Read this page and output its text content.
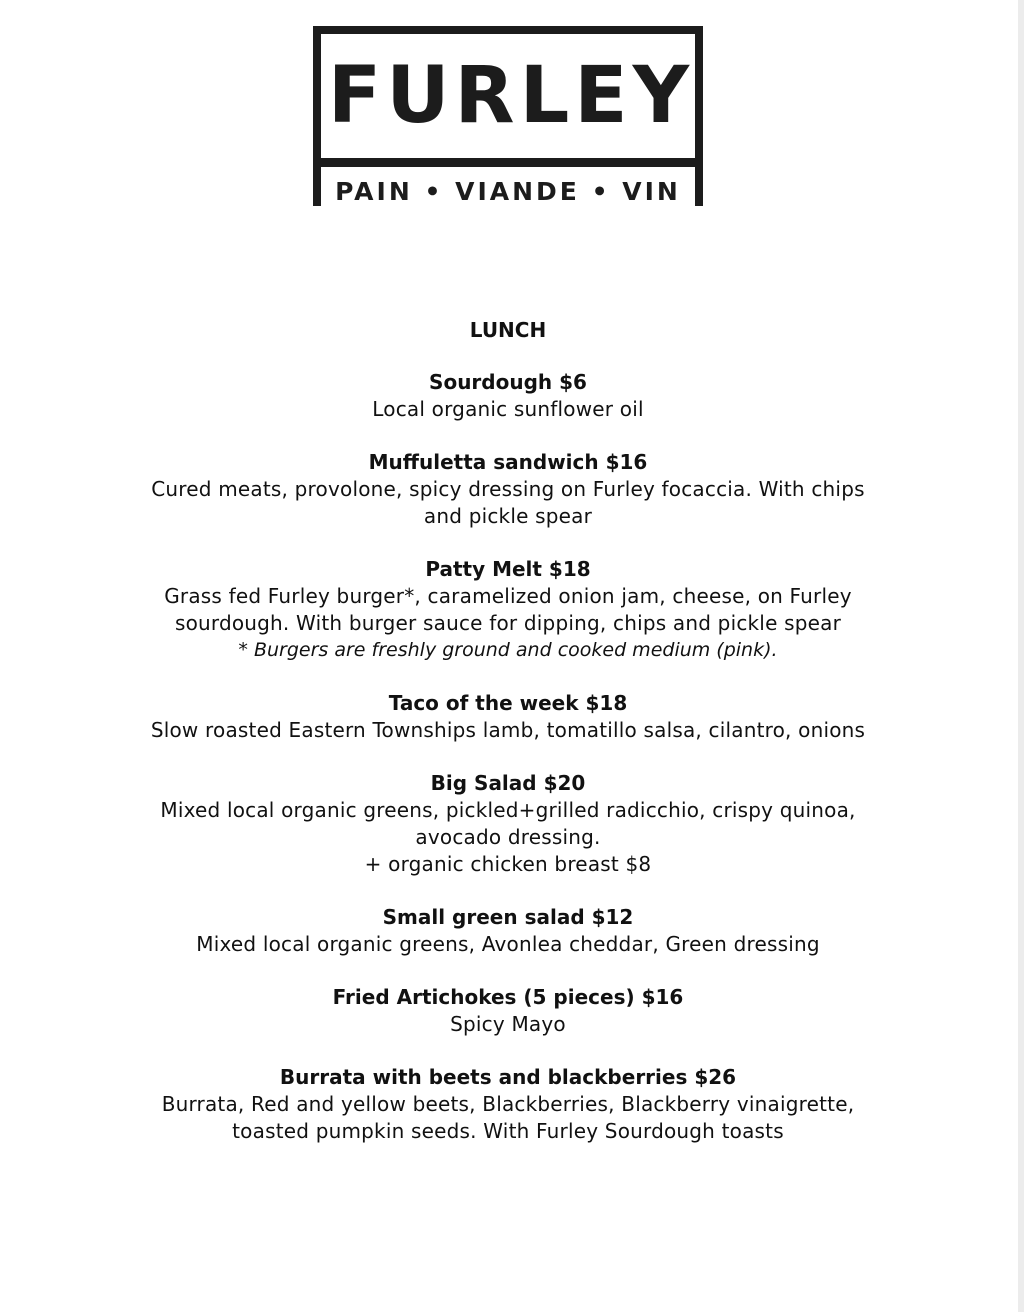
FURLEY
PAIN • VIANDE • VIN
LUNCH
Sourdough $6
Local organic sunflower oil
Muffuletta sandwich $16
Cured meats, provolone, spicy dressing on Furley focaccia. With chips
and pickle spear
Patty Melt $18
Grass fed Furley burger*, caramelized onion jam, cheese, on Furley
sourdough. With burger sauce for dipping, chips and pickle spear
* Burgers are freshly ground and cooked medium (pink).
Taco of the week $18
Slow roasted Eastern Townships lamb, tomatillo salsa, cilantro, onions
Big Salad $20
Mixed local organic greens, pickled+grilled radicchio, crispy quinoa,
avocado dressing.
+ organic chicken breast $8
Small green salad $12
Mixed local organic greens, Avonlea cheddar, Green dressing
Fried Artichokes (5 pieces) $16
Spicy Mayo
Burrata with beets and blackberries $26
Burrata, Red and yellow beets, Blackberries, Blackberry vinaigrette,
toasted pumpkin seeds. With Furley Sourdough toasts
